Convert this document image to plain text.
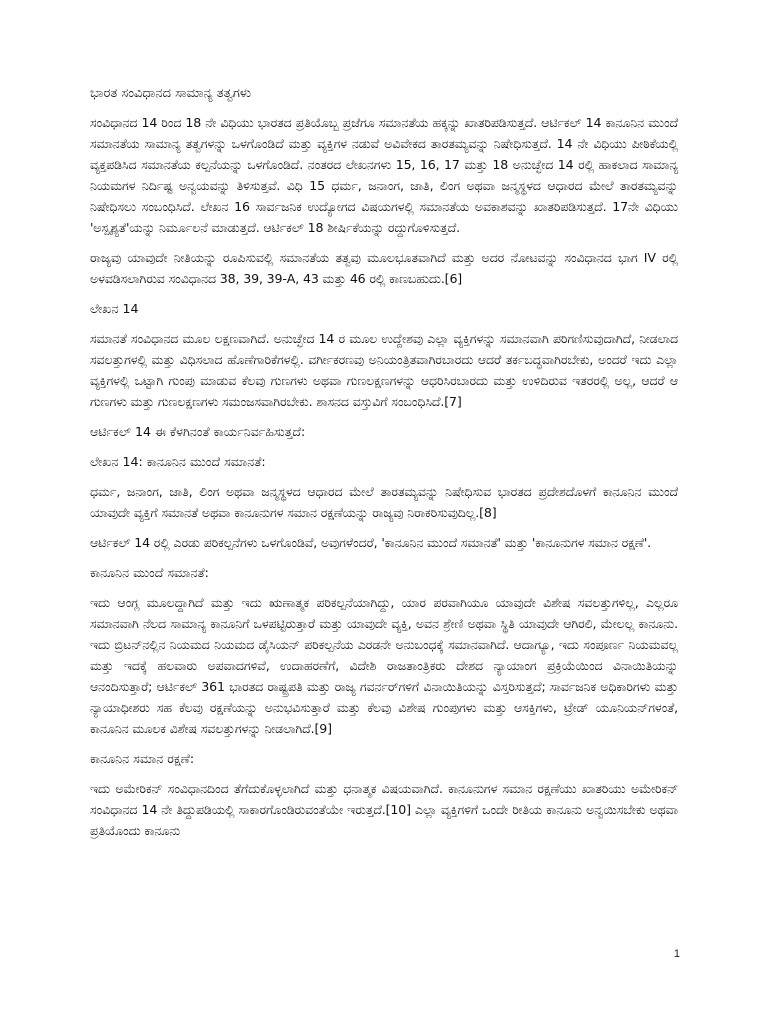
ಭಾರತ ಸಂವಿಧಾನದ ಸಾಮಾನ್ಯ ತತ್ವಗಳು

ಸಂವಿಧಾನದ 14 ರಿಂದ 18 ನೇ ವಿಧಿಯು ಭಾರತದ ಪ್ರತಿಯೊಬ್ಬ ಪ್ರಜೆಗೂ ಸಮಾನತೆಯ ಹಕ್ಕನ್ನು ಖಾತರಿಪಡಿಸುತ್ತದೆ. ಆರ್ಟಿಕಲ್ 14 ಕಾನೂನಿನ ಮುಂದೆ ಸಮಾನತೆಯ ಸಾಮಾನ್ಯ ತತ್ವಗಳನ್ನು ಒಳಗೊಂಡಿದೆ ಮತ್ತು ವ್ಯಕ್ತಿಗಳ ನಡುವೆ ಅವಿವೇಕದ ತಾರತಮ್ಯವನ್ನು ನಿಷೇಧಿಸುತ್ತದೆ. 14 ನೇ ವಿಧಿಯು ಪೀಠಿಕೆಯಲ್ಲಿ ವ್ಯಕ್ತಪಡಿಸಿದ ಸಮಾನತೆಯ ಕಲ್ಪನೆಯನ್ನು ಒಳಗೊಂಡಿದೆ. ನಂತರದ ಲೇಖನಗಳು 15, 16, 17 ಮತ್ತು 18 ಅನುಚ್ಛೇದ 14 ರಲ್ಲಿ ಹಾಕಲಾದ ಸಾಮಾನ್ಯ ನಿಯಮಗಳ ನಿರ್ದಿಷ್ಟ ಅನ್ವಯವನ್ನು ತಿಳಿಸುತ್ತವೆ. ವಿಧಿ 15 ಧರ್ಮ, ಜನಾಂಗ, ಜಾತಿ, ಲಿಂಗ ಅಥವಾ ಜನ್ಮಸ್ಥಳದ ಆಧಾರದ ಮೇಲೆ ತಾರತಮ್ಯವನ್ನು ನಿಷೇಧಿಸಲು ಸಂಬಂಧಿಸಿದೆ. ಲೇಖನ 16 ಸಾರ್ವಜನಿಕ ಉದ್ಯೋಗದ ವಿಷಯಗಳಲ್ಲಿ ಸಮಾನತೆಯ ಅವಕಾಶವನ್ನು ಖಾತರಿಪಡಿಸುತ್ತದೆ. 17ನೇ ವಿಧಿಯು 'ಅಸ್ಪೃಶ್ಯತೆ'ಯನ್ನು ನಿರ್ಮೂಲನೆ ಮಾಡುತ್ತದೆ. ಆರ್ಟಿಕಲ್ 18 ಶೀರ್ಷಿಕೆಯನ್ನು ರದ್ದುಗೊಳಿಸುತ್ತದೆ.

ರಾಜ್ಯವು ಯಾವುದೇ ನೀತಿಯನ್ನು ರೂಪಿಸುವಲ್ಲಿ ಸಮಾನತೆಯ ತತ್ವವು ಮೂಲಭೂತವಾಗಿದೆ ಮತ್ತು ಅದರ ನೋಟವನ್ನು ಸಂವಿಧಾನದ ಭಾಗ IV ರಲ್ಲಿ ಅಳವಡಿಸಲಾಗಿರುವ ಸಂವಿಧಾನದ 38, 39, 39-A, 43 ಮತ್ತು 46 ರಲ್ಲಿ ಕಾಣಬಹುದು.[6]

ಲೇಖನ 14

ಸಮಾನತೆ ಸಂವಿಧಾನದ ಮೂಲ ಲಕ್ಷಣವಾಗಿದೆ. ಅನುಚ್ಛೇದ 14 ರ ಮೂಲ ಉದ್ದೇಶವು ಎಲ್ಲಾ ವ್ಯಕ್ತಿಗಳನ್ನು ಸಮಾನವಾಗಿ ಪರಿಗಣಿಸುವುದಾಗಿದೆ, ನೀಡಲಾದ ಸವಲತ್ತುಗಳಲ್ಲಿ ಮತ್ತು ವಿಧಿಸಲಾದ ಹೊಣೆಗಾರಿಕೆಗಳಲ್ಲಿ. ವರ್ಗೀಕರಣವು ಅನಿಯಂತ್ರಿತವಾಗಿರಬಾರದು ಆದರೆ ತರ್ಕಬದ್ಧವಾಗಿರಬೇಕು, ಅಂದರೆ ಇದು ಎಲ್ಲಾ ವ್ಯಕ್ತಿಗಳಲ್ಲಿ ಒಟ್ಟಾಗಿ ಗುಂಪು ಮಾಡುವ ಕೆಲವು ಗುಣಗಳು ಅಥವಾ ಗುಣಲಕ್ಷಣಗಳನ್ನು ಆಧರಿಸಿರಬಾರದು ಮತ್ತು ಉಳಿದಿರುವ ಇತರರಲ್ಲಿ ಅಲ್ಲ, ಆದರೆ ಆ ಗುಣಗಳು ಮತ್ತು ಗುಣಲಕ್ಷಣಗಳು ಸಮಂಜಸವಾಗಿರಬೇಕು. ಶಾಸನದ ವಸ್ತುವಿಗೆ ಸಂಬಂಧಿಸಿದೆ.[7]

ಆರ್ಟಿಕಲ್ 14 ಈ ಕೆಳಗಿನಂತೆ ಕಾರ್ಯನಿರ್ವಹಿಸುತ್ತದೆ:

ಲೇಖನ 14: ಕಾನೂನಿನ ಮುಂದೆ ಸಮಾನತೆ:

ಧರ್ಮ, ಜನಾಂಗ, ಜಾತಿ, ಲಿಂಗ ಅಥವಾ ಜನ್ಮಸ್ಥಳದ ಆಧಾರದ ಮೇಲೆ ತಾರತಮ್ಯವನ್ನು ನಿಷೇಧಿಸುವ ಭಾರತದ ಪ್ರದೇಶದೊಳಗೆ ಕಾನೂನಿನ ಮುಂದೆ ಯಾವುದೇ ವ್ಯಕ್ತಿಗೆ ಸಮಾನತೆ ಅಥವಾ ಕಾನೂನುಗಳ ಸಮಾನ ರಕ್ಷಣೆಯನ್ನು ರಾಜ್ಯವು ನಿರಾಕರಿಸುವುದಿಲ್ಲ.[8]

ಆರ್ಟಿಕಲ್ 14 ರಲ್ಲಿ ಎರಡು ಪರಿಕಲ್ಪನೆಗಳು ಒಳಗೊಂಡಿವೆ, ಅವುಗಳೆಂದರೆ, 'ಕಾನೂನಿನ ಮುಂದೆ ಸಮಾನತೆ' ಮತ್ತು 'ಕಾನೂನುಗಳ ಸಮಾನ ರಕ್ಷಣೆ'.

ಕಾನೂನಿನ ಮುಂದೆ ಸಮಾನತೆ:

ಇದು ಆಂಗ್ಲ ಮೂಲದ್ದಾಗಿದೆ ಮತ್ತು ಇದು ಋಣಾತ್ಮಕ ಪರಿಕಲ್ಪನೆಯಾಗಿದ್ದು, ಯಾರ ಪರವಾಗಿಯೂ ಯಾವುದೇ ವಿಶೇಷ ಸವಲತ್ತುಗಳಿಲ್ಲ, ಎಲ್ಲರೂ ಸಮಾನವಾಗಿ ನೆಲದ ಸಾಮಾನ್ಯ ಕಾನೂನಿಗೆ ಒಳಪಟ್ಟಿರುತ್ತಾರೆ ಮತ್ತು ಯಾವುದೇ ವ್ಯಕ್ತಿ, ಅವನ ಶ್ರೇಣಿ ಅಥವಾ ಸ್ಥಿತಿ ಯಾವುದೇ ಆಗಿರಲಿ, ಮೇಲಲ್ಲ ಕಾನೂನು. ಇದು ಬ್ರಿಟನ್‌ನಲ್ಲಿನ ನಿಯಮದ ನಿಯಮದ ಡೈಸಿಯನ್ ಪರಿಕಲ್ಪನೆಯ ಎರಡನೇ ಅನುಬಂಧಕ್ಕೆ ಸಮಾನವಾಗಿದೆ. ಆದಾಗ್ಯೂ, ಇದು ಸಂಪೂರ್ಣ ನಿಯಮವಲ್ಲ ಮತ್ತು ಇದಕ್ಕೆ ಹಲವಾರು ಅಪವಾದಗಳಿವೆ, ಉದಾಹರಣೆಗೆ, ವಿದೇಶಿ ರಾಜತಾಂತ್ರಿಕರು ದೇಶದ ನ್ಯಾಯಾಂಗ ಪ್ರಕ್ರಿಯೆಯಿಂದ ವಿನಾಯಿತಿಯನ್ನು ಆನಂದಿಸುತ್ತಾರೆ; ಆರ್ಟಿಕಲ್ 361 ಭಾರತದ ರಾಷ್ಟ್ರಪತಿ ಮತ್ತು ರಾಜ್ಯ ಗವರ್ನರ್‌ಗಳಿಗೆ ವಿನಾಯಿತಿಯನ್ನು ವಿಸ್ತರಿಸುತ್ತದೆ; ಸಾರ್ವಜನಿಕ ಅಧಿಕಾರಿಗಳು ಮತ್ತು ನ್ಯಾಯಾಧೀಶರು ಸಹ ಕೆಲವು ರಕ್ಷಣೆಯನ್ನು ಅನುಭವಿಸುತ್ತಾರೆ ಮತ್ತು ಕೆಲವು ವಿಶೇಷ ಗುಂಪುಗಳು ಮತ್ತು ಆಸಕ್ತಿಗಳು, ಟ್ರೇಡ್ ಯೂನಿಯನ್‌ಗಳಂತೆ, ಕಾನೂನಿನ ಮೂಲಕ ವಿಶೇಷ ಸವಲತ್ತುಗಳನ್ನು ನೀಡಲಾಗಿದೆ.[9]

ಕಾನೂನಿನ ಸಮಾನ ರಕ್ಷಣೆ:

ಇದು ಅಮೇರಿಕನ್ ಸಂವಿಧಾನದಿಂದ ತೆಗೆದುಕೊಳ್ಳಲಾಗಿದೆ ಮತ್ತು ಧನಾತ್ಮಕ ವಿಷಯವಾಗಿದೆ. ಕಾನೂನುಗಳ ಸಮಾನ ರಕ್ಷಣೆಯು ಖಾತರಿಯು ಅಮೇರಿಕನ್ ಸಂವಿಧಾನದ 14 ನೇ ತಿದ್ದುಪಡಿಯಲ್ಲಿ ಸಾಕಾರಗೊಂಡಿರುವಂತೆಯೇ ಇರುತ್ತದೆ.[10] ಎಲ್ಲಾ ವ್ಯಕ್ತಿಗಳಿಗೆ ಒಂದೇ ರೀತಿಯ ಕಾನೂನು ಅನ್ವಯಿಸಬೇಕು ಅಥವಾ ಪ್ರತಿಯೊಂದು ಕಾನೂನು

1
